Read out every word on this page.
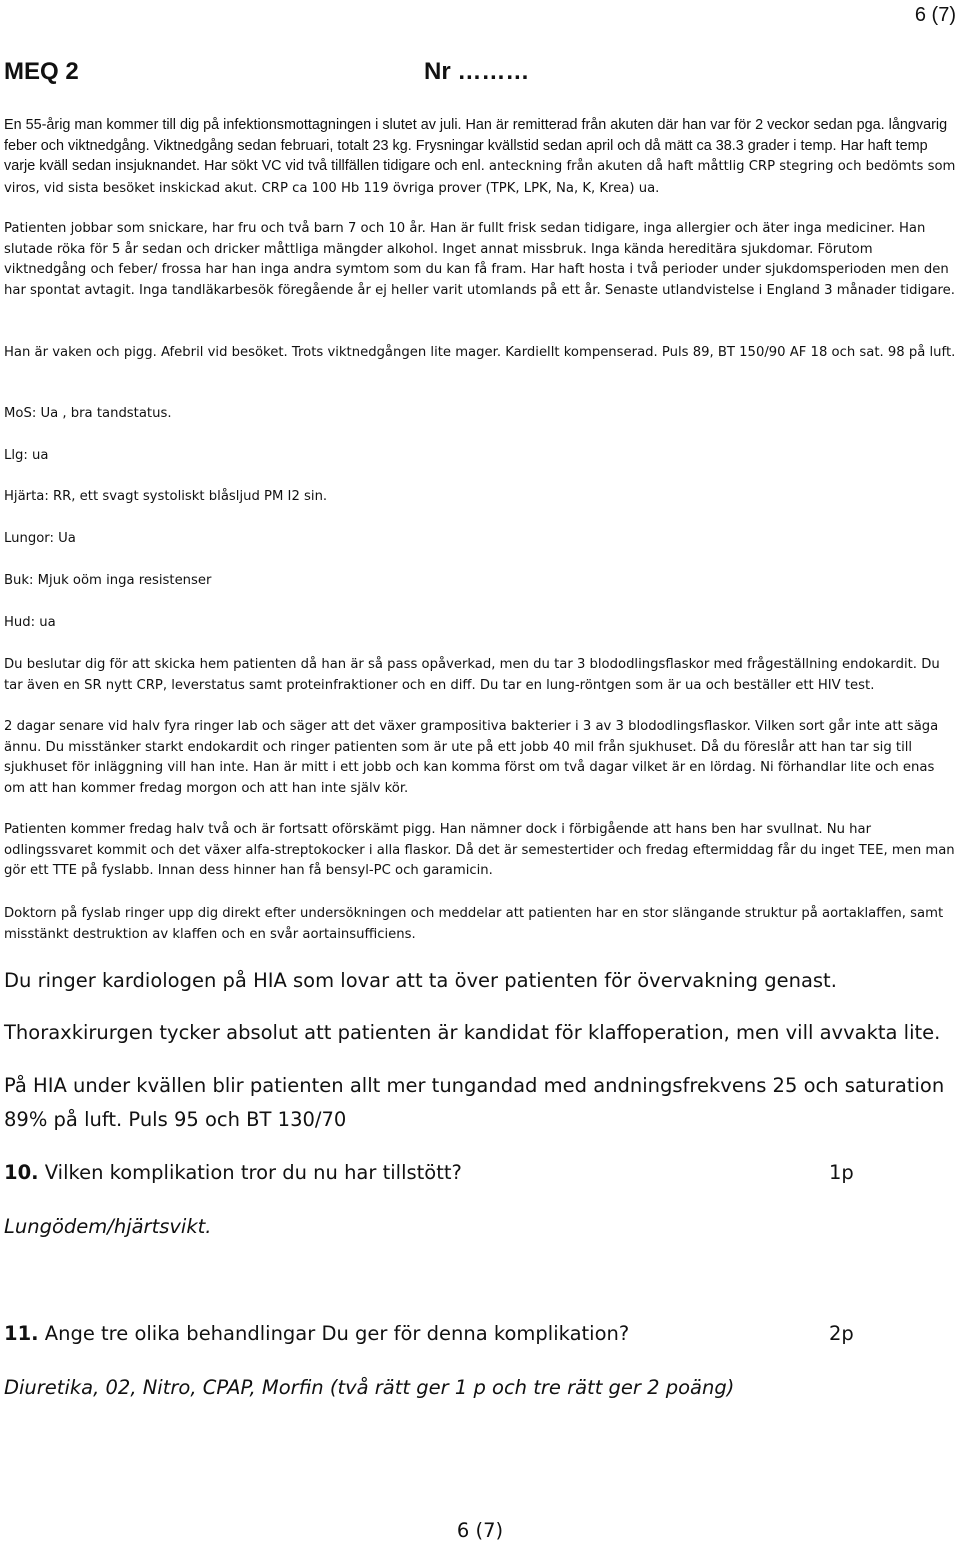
6 (7)
MEQ 2	Nr ………

En 55-årig man kommer till dig på infektionsmottagningen i slutet av juli. Han är remitterad från akuten där han var för 2 veckor sedan pga. långvarig feber och viktnedgång. Viktnedgång sedan februari, totalt 23 kg. Frysningar kvällstid sedan april och då mätt ca 38.3 grader i temp. Har haft temp varje kväll sedan insjuknandet. Har sökt VC vid två tillfällen tidigare och enl. anteckning från akuten då haft måttlig CRP stegring och bedömts som viros, vid sista besöket inskickad akut. CRP ca 100 Hb 119 övriga prover (TPK, LPK, Na, K, Krea) ua.

Patienten jobbar som snickare, har fru och två barn 7 och 10 år. Han är fullt frisk sedan tidigare, inga allergier och äter inga mediciner. Han slutade röka för 5 år sedan och dricker måttliga mängder alkohol. Inget annat missbruk. Inga kända hereditära sjukdomar. Förutom viktnedgång och feber/ frossa har han inga andra symtom som du kan få fram. Har haft hosta i två perioder under sjukdomsperioden men den har spontat avtagit. Inga tandläkarbesök föregående år ej heller varit utomlands på ett år. Senaste utlandvistelse i England 3 månader tidigare.

Han är vaken och pigg. Afebril vid besöket. Trots viktnedgången lite mager. Kardiellt kompenserad. Puls 89, BT 150/90 AF 18 och sat. 98 på luft.

MoS: Ua , bra tandstatus.

Llg: ua

Hjärta: RR, ett svagt systoliskt blåsljud PM I2 sin.

Lungor: Ua

Buk: Mjuk oöm inga resistenser

Hud: ua

Du beslutar dig för att skicka hem patienten då han är så pass opåverkad, men du tar 3 blododlingsflaskor med frågeställning endokardit. Du tar även en SR nytt CRP, leverstatus samt proteinfraktioner och en diff. Du tar en lung-röntgen som är ua och beställer ett HIV test.

2 dagar senare vid halv fyra ringer lab och säger att det växer grampositiva bakterier i 3 av 3 blododlingsflaskor. Vilken sort går inte att säga ännu. Du misstänker starkt endokardit och ringer patienten som är ute på ett jobb 40 mil från sjukhuset. Då du föreslår att han tar sig till sjukhuset för inläggning vill han inte. Han är mitt i ett jobb och kan komma först om två dagar vilket är en lördag. Ni förhandlar lite och enas om att han kommer fredag morgon och att han inte själv kör.

Patienten kommer fredag halv två och är fortsatt oförskämt pigg. Han nämner dock i förbigående att hans ben har svullnat. Nu har odlingssvaret kommit och det växer alfa-streptokocker i alla flaskor. Då det är semestertider och fredag eftermiddag får du inget TEE, men man gör ett TTE på fyslabb. Innan dess hinner han få bensyl-PC och garamicin.

Doktorn på fyslab ringer upp dig direkt efter undersökningen och meddelar att patienten har en stor slängande struktur på aortaklaffen, samt misstänkt destruktion av klaffen och en svår aortainsufficiens.

Du ringer kardiologen på HIA som lovar att ta över patienten för övervakning genast.

Thoraxkirurgen tycker absolut att patienten är kandidat för klaffoperation, men vill avvakta lite.

På HIA under kvällen blir patienten allt mer tungandad med andningsfrekvens 25 och saturation 89% på luft. Puls 95 och BT 130/70

10. Vilken komplikation tror du nu har tillstött?	1p
Lungödem/hjärtsvikt.
11. Ange tre olika behandlingar Du ger för denna komplikation?	2p
Diuretika, 02, Nitro, CPAP, Morfin (två rätt ger 1 p och tre rätt ger 2 poäng)
6 (7)
